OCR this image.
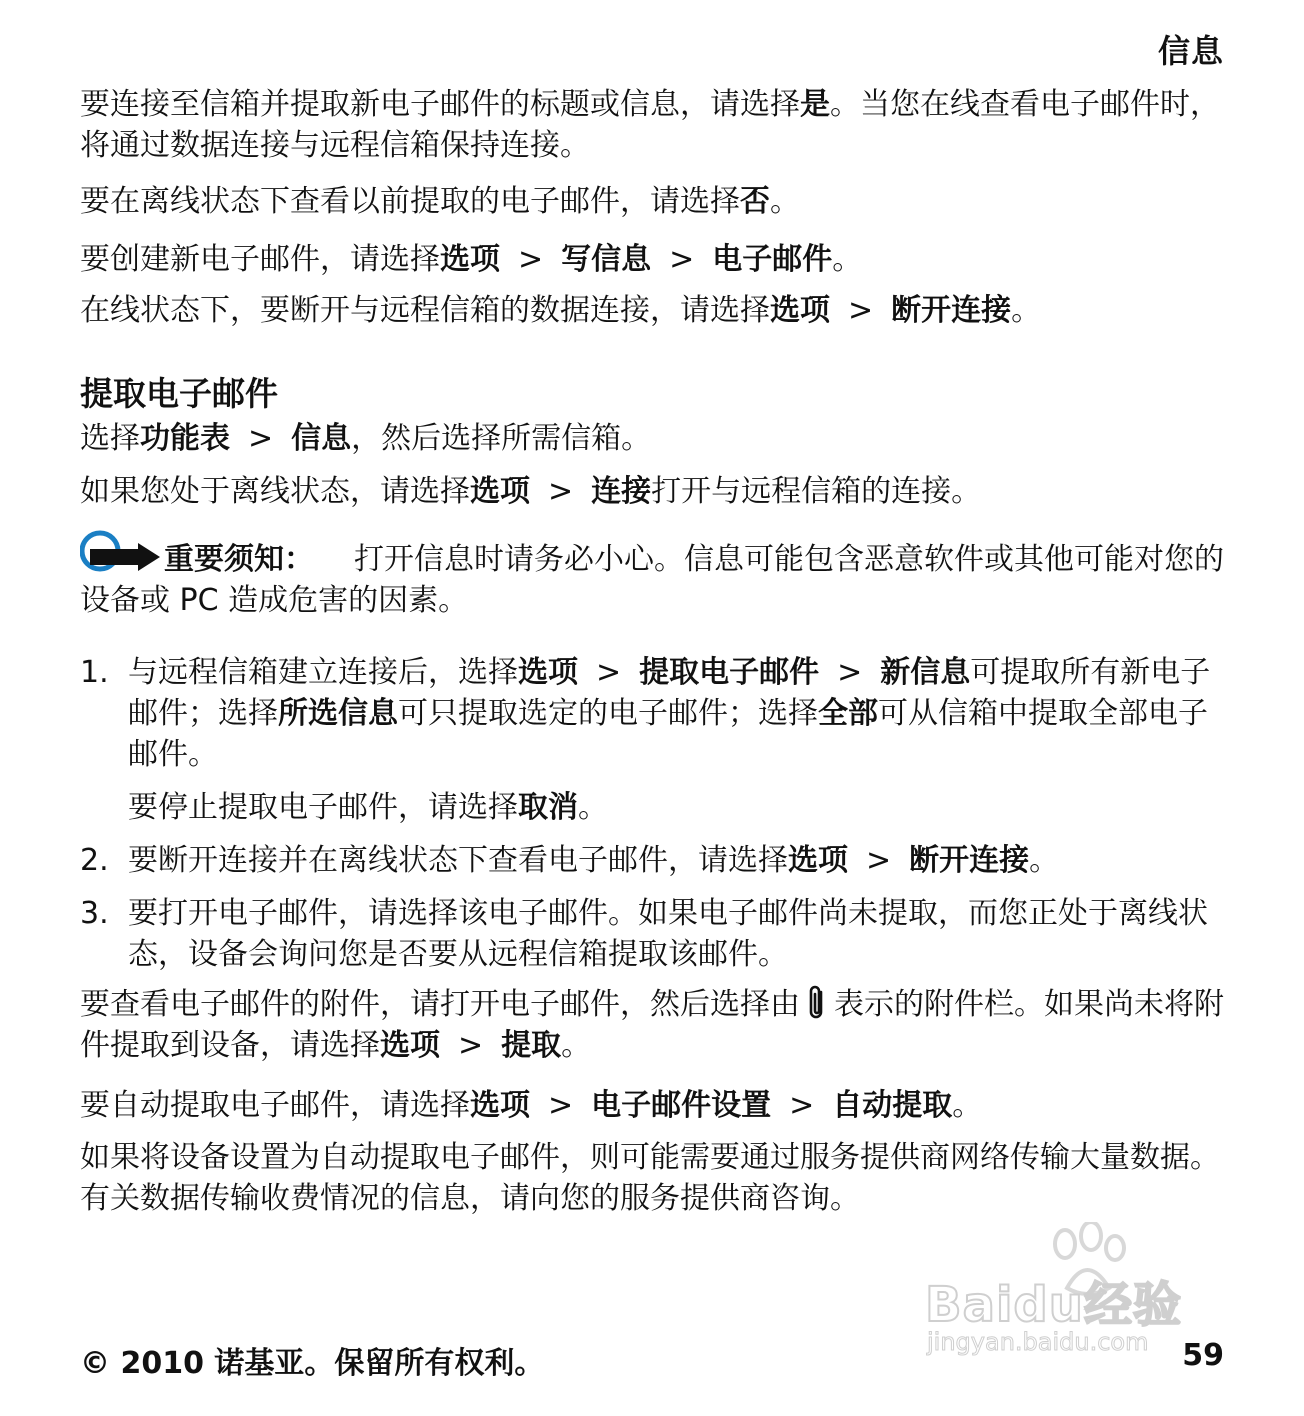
信息

要连接至信箱并提取新电子邮件的标题或信息，请选择是。当您在线查看电子邮件时，将通过数据连接与远程信箱保持连接。

要在离线状态下查看以前提取的电子邮件，请选择否。

要创建新电子邮件，请选择选项 > 写信息 > 电子邮件。

在线状态下，要断开与远程信箱的数据连接，请选择选项 > 断开连接。

提取电子邮件

选择功能表 > 信息，然后选择所需信箱。

如果您处于离线状态，请选择选项 > 连接打开与远程信箱的连接。

重要须知： 打开信息时请务必小心。信息可能包含恶意软件或其他可能对您的设备或 PC 造成危害的因素。

1. 与远程信箱建立连接后，选择选项 > 提取电子邮件 > 新信息可提取所有新电子邮件；选择所选信息可只提取选定的电子邮件；选择全部可从信箱中提取全部电子邮件。

要停止提取电子邮件，请选择取消。

2. 要断开连接并在离线状态下查看电子邮件，请选择选项 > 断开连接。

3. 要打开电子邮件，请选择该电子邮件。如果电子邮件尚未提取，而您正处于离线状态，设备会询问您是否要从远程信箱提取该邮件。

要查看电子邮件的附件，请打开电子邮件，然后选择由 表示的附件栏。如果尚未将附件提取到设备，请选择选项 > 提取。

要自动提取电子邮件，请选择选项 > 电子邮件设置 > 自动提取。

如果将设备设置为自动提取电子邮件，则可能需要通过服务提供商网络传输大量数据。有关数据传输收费情况的信息，请向您的服务提供商咨询。

Baidu经验
jingyan.baidu.com
© 2010 诺基亚。保留所有权利。	59
